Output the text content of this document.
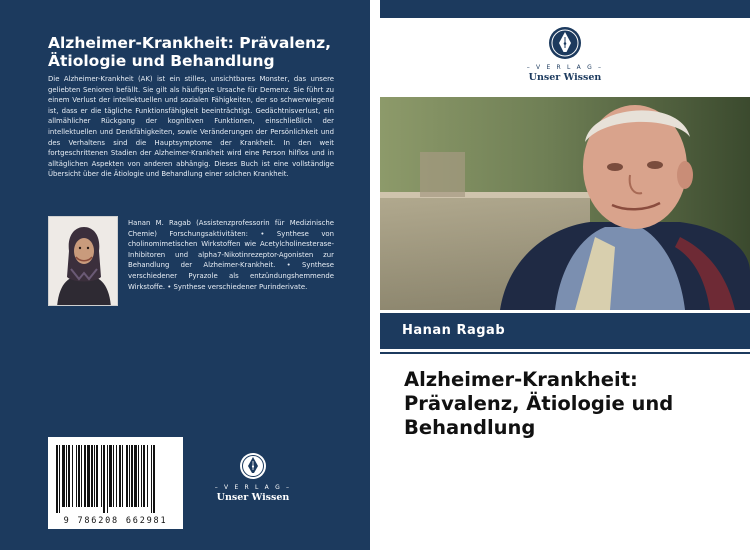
Alzheimer-Krankheit: Prävalenz, Ätiologie und Behandlung
Die Alzheimer-Krankheit (AK) ist ein stilles, unsichtbares Monster, das unsere geliebten Senioren befällt. Sie gilt als häufigste Ursache für Demenz. Sie führt zu einem Verlust der intellektuellen und sozialen Fähigkeiten, der so schwerwiegend ist, dass er die tägliche Funktionsfähigkeit beeinträchtigt. Gedächtnisverlust, ein allmählicher Rückgang der kognitiven Funktionen, einschließlich der intellektuellen und Denkfähigkeiten, sowie Veränderungen der Persönlichkeit und des Verhaltens sind die Hauptsymptome der Krankheit. In den weit fortgeschrittenen Stadien der Alzheimer-Krankheit wird eine Person hilflos und in alltäglichen Aspekten von anderen abhängig. Dieses Buch ist eine vollständige Übersicht über die Ätiologie und Behandlung einer solchen Krankheit.
Hanan M. Ragab (Assistenzprofessorin für Medizinische Chemie) Forschungsaktivitäten: • Synthese von cholinomimetischen Wirkstoffen wie Acetylcholinesterase-Inhibitoren und alpha7-Nikotinrezeptor-Agonisten zur Behandlung der Alzheimer-Krankheit. • Synthese verschiedener Pyrazole als entzündungshemmende Wirkstoffe. • Synthese verschiedener Purinderivate.
9 786208 662981
– V E R L A G –
Unser Wissen
– V E R L A G –
Unser Wissen
Hanan Ragab
Alzheimer-Krankheit: Prävalenz, Ätiologie und Behandlung
